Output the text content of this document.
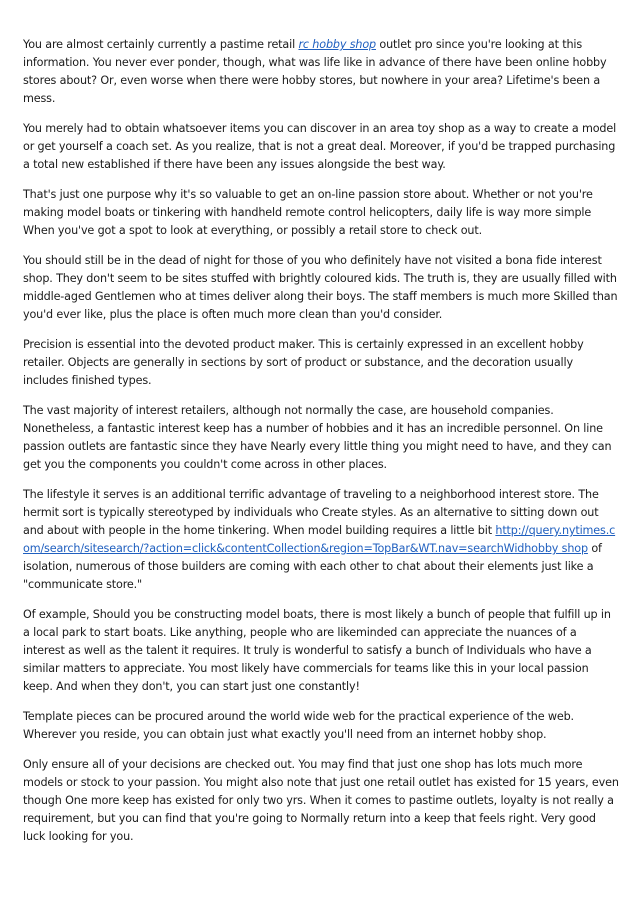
You are almost certainly currently a pastime retail rc hobby shop outlet pro since you're looking at this information. You never ever ponder, though, what was life like in advance of there have been online hobby stores about? Or, even worse when there were hobby stores, but nowhere in your area? Lifetime's been a mess.

You merely had to obtain whatsoever items you can discover in an area toy shop as a way to create a model or get yourself a coach set. As you realize, that is not a great deal. Moreover, if you'd be trapped purchasing a total new established if there have been any issues alongside the best way.

That's just one purpose why it's so valuable to get an on-line passion store about. Whether or not you're making model boats or tinkering with handheld remote control helicopters, daily life is way more simple When you've got a spot to look at everything, or possibly a retail store to check out.

You should still be in the dead of night for those of you who definitely have not visited a bona fide interest shop. They don't seem to be sites stuffed with brightly coloured kids. The truth is, they are usually filled with middle-aged Gentlemen who at times deliver along their boys. The staff members is much more Skilled than you'd ever like, plus the place is often much more clean than you'd consider.

Precision is essential into the devoted product maker. This is certainly expressed in an excellent hobby retailer. Objects are generally in sections by sort of product or substance, and the decoration usually includes finished types.

The vast majority of interest retailers, although not normally the case, are household companies. Nonetheless, a fantastic interest keep has a number of hobbies and it has an incredible personnel. On line passion outlets are fantastic since they have Nearly every little thing you might need to have, and they can get you the components you couldn't come across in other places.

The lifestyle it serves is an additional terrific advantage of traveling to a neighborhood interest store. The hermit sort is typically stereotyped by individuals who Create styles. As an alternative to sitting down out and about with people in the home tinkering. When model building requires a little bit http://query.nytimes.com/search/sitesearch/?action=click&contentCollection&region=TopBar&WT.nav=searchWidhobby shop of isolation, numerous of those builders are coming with each other to chat about their elements just like a "communicate store."

Of example, Should you be constructing model boats, there is most likely a bunch of people that fulfill up in a local park to start boats. Like anything, people who are likeminded can appreciate the nuances of a interest as well as the talent it requires. It truly is wonderful to satisfy a bunch of Individuals who have a similar matters to appreciate. You most likely have commercials for teams like this in your local passion keep. And when they don't, you can start just one constantly!

Template pieces can be procured around the world wide web for the practical experience of the web. Wherever you reside, you can obtain just what exactly you'll need from an internet hobby shop.

Only ensure all of your decisions are checked out. You may find that just one shop has lots much more models or stock to your passion. You might also note that just one retail outlet has existed for 15 years, even though One more keep has existed for only two yrs. When it comes to pastime outlets, loyalty is not really a requirement, but you can find that you're going to Normally return into a keep that feels right. Very good luck looking for you.
